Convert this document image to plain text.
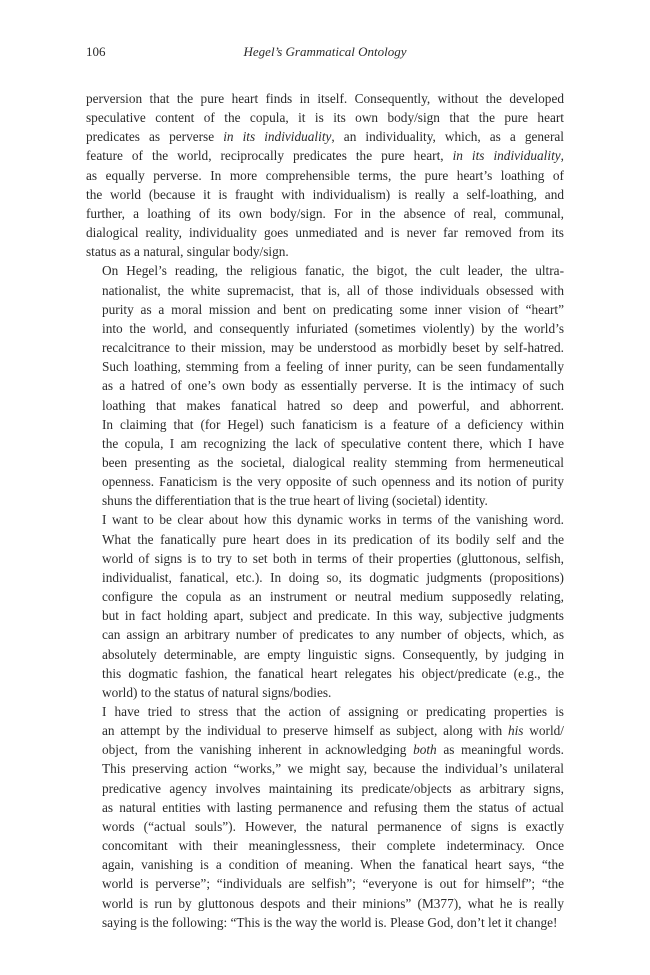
106	Hegel’s Grammatical Ontology

perversion that the pure heart finds in itself. Consequently, without the developed
speculative content of the copula, it is its own body/sign that the pure heart
predicates as perverse in its individuality, an individuality, which, as a general
feature of the world, reciprocally predicates the pure heart, in its individuality,
as equally perverse. In more comprehensible terms, the pure heart’s loathing of
the world (because it is fraught with individualism) is really a self-loathing, and
further, a loathing of its own body/sign. For in the absence of real, communal,
dialogical reality, individuality goes unmediated and is never far removed from its
status as a natural, singular body/sign.

On Hegel’s reading, the religious fanatic, the bigot, the cult leader, the ultra-
nationalist, the white supremacist, that is, all of those individuals obsessed with
purity as a moral mission and bent on predicating some inner vision of “heart”
into the world, and consequently infuriated (sometimes violently) by the world’s
recalcitrance to their mission, may be understood as morbidly beset by self-hatred.
Such loathing, stemming from a feeling of inner purity, can be seen fundamentally
as a hatred of one’s own body as essentially perverse. It is the intimacy of such
loathing that makes fanatical hatred so deep and powerful, and abhorrent.
In claiming that (for Hegel) such fanaticism is a feature of a deficiency within
the copula, I am recognizing the lack of speculative content there, which I have
been presenting as the societal, dialogical reality stemming from hermeneutical
openness. Fanaticism is the very opposite of such openness and its notion of purity
shuns the differentiation that is the true heart of living (societal) identity.

I want to be clear about how this dynamic works in terms of the vanishing word.
What the fanatically pure heart does in its predication of its bodily self and the
world of signs is to try to set both in terms of their properties (gluttonous, selfish,
individualist, fanatical, etc.). In doing so, its dogmatic judgments (propositions)
configure the copula as an instrument or neutral medium supposedly relating,
but in fact holding apart, subject and predicate. In this way, subjective judgments
can assign an arbitrary number of predicates to any number of objects, which, as
absolutely determinable, are empty linguistic signs. Consequently, by judging in
this dogmatic fashion, the fanatical heart relegates his object/predicate (e.g., the
world) to the status of natural signs/bodies.

I have tried to stress that the action of assigning or predicating properties is
an attempt by the individual to preserve himself as subject, along with his world/
object, from the vanishing inherent in acknowledging both as meaningful words.
This preserving action “works,” we might say, because the individual’s unilateral
predicative agency involves maintaining its predicate/objects as arbitrary signs,
as natural entities with lasting permanence and refusing them the status of actual
words (“actual souls”). However, the natural permanence of signs is exactly
concomitant with their meaninglessness, their complete indeterminacy. Once
again, vanishing is a condition of meaning. When the fanatical heart says, “the
world is perverse”; “individuals are selfish”; “everyone is out for himself”; “the
world is run by gluttonous despots and their minions” (M377), what he is really
saying is the following: “This is the way the world is. Please God, don’t let it change!
